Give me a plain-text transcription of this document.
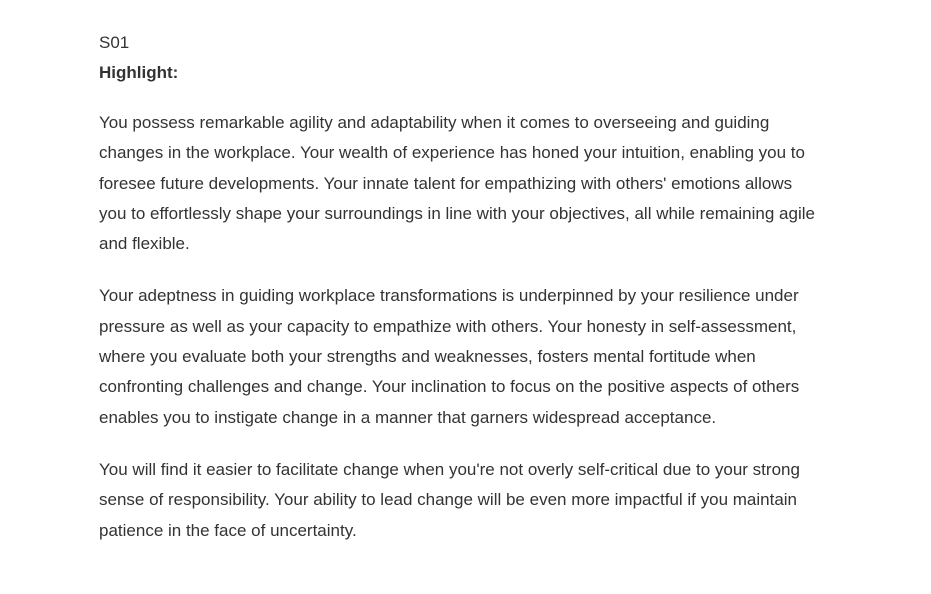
S01
Highlight:

You possess remarkable agility and adaptability when it comes to overseeing and guiding changes in the workplace. Your wealth of experience has honed your intuition, enabling you to foresee future developments. Your innate talent for empathizing with others' emotions allows you to effortlessly shape your surroundings in line with your objectives, all while remaining agile and flexible.

Your adeptness in guiding workplace transformations is underpinned by your resilience under pressure as well as your capacity to empathize with others. Your honesty in self-assessment, where you evaluate both your strengths and weaknesses, fosters mental fortitude when confronting challenges and change. Your inclination to focus on the positive aspects of others enables you to instigate change in a manner that garners widespread acceptance.

You will find it easier to facilitate change when you're not overly self-critical due to your strong sense of responsibility. Your ability to lead change will be even more impactful if you maintain patience in the face of uncertainty.
